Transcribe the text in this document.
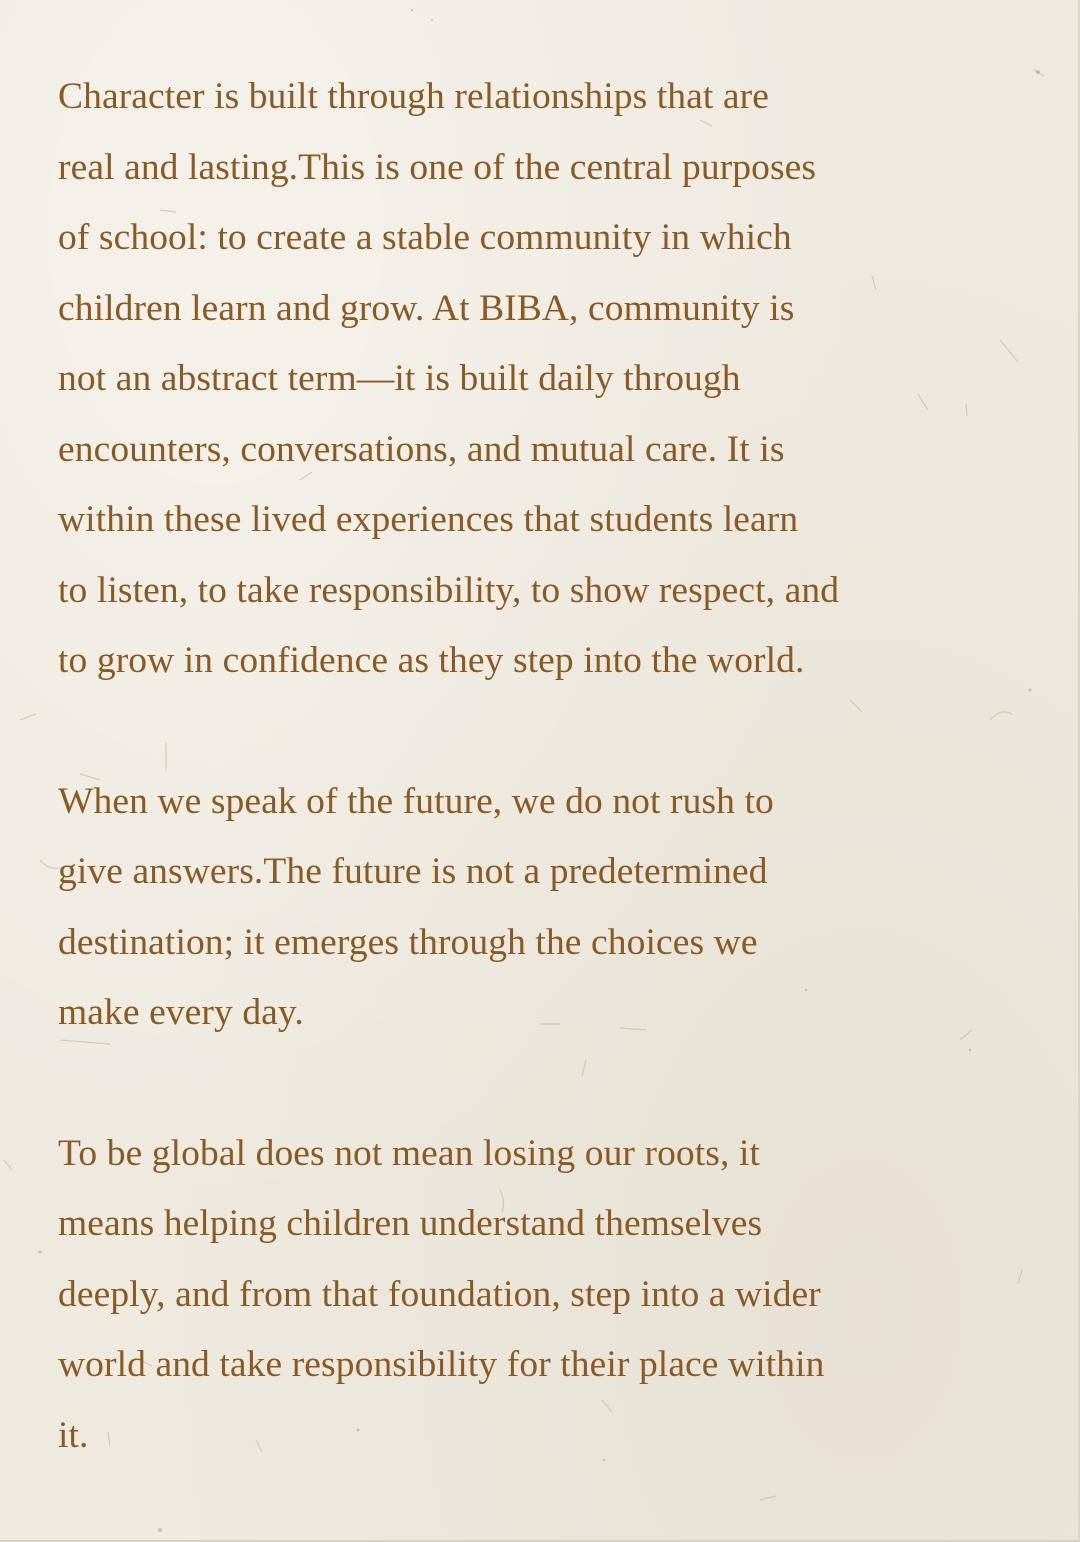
Character is built through relationships that are
real and lasting.This is one of the central purposes
of school: to create a stable community in which
children learn and grow. At BIBA, community is
not an abstract term—it is built daily through
encounters, conversations, and mutual care. It is
within these lived experiences that students learn
to listen, to take responsibility, to show respect, and
to grow in confidence as they step into the world.

When we speak of the future, we do not rush to
give answers.The future is not a predetermined
destination; it emerges through the choices we
make every day.

To be global does not mean losing our roots, it
means helping children understand themselves
deeply, and from that foundation, step into a wider
world and take responsibility for their place within
it.
